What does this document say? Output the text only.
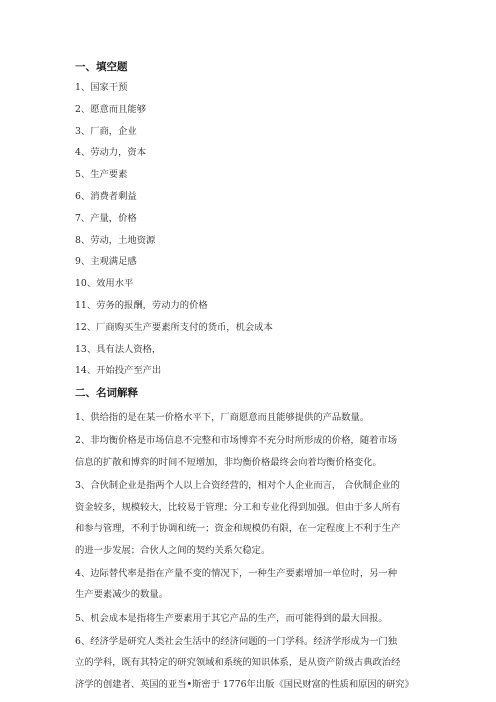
一、填空题
1、国家干预
2、愿意而且能够
3、厂商，企业
4、劳动力，资本
5、生产要素
6、消费者剩益
7、产量，价格
8、劳动，土地资源
9、主观满足感
10、效用水平
11、劳务的报酬，劳动力的价格
12、厂商购买生产要素所支付的货币，机会成本
13、具有法人资格，
14、开始投产至产出
二、名词解释
1、供给指的是在某一价格水平下，厂商愿意而且能够提供的产品数量。
2、非均衡价格是市场信息不完整和市场博弈不充分时所形成的价格，随着市场
信息的扩散和博弈的时间不短增加，非均衡价格最终会向着均衡价格变化。
3、合伙制企业是指两个人以上合资经营的，相对个人企业而言， 合伙制企业的
资金较多，规模较大，比较易于管理；分工和专业化得到加强。但由于多人所有
和参与管理，不利于协调和统一；资金和规模仍有限，在一定程度上不利于生产
的进一步发展；合伙人之间的契约关系欠稳定。
4、边际替代率是指在产量不变的情况下，一种生产要素增加一单位时，另一种
生产要素减少的数量。
5、机会成本是指将生产要素用于其它产品的生产，而可能得到的最大回报。
6、经济学是研究人类社会生活中的经济问题的一门学科。经济学形成为一门独
立的学科，既有其特定的研究领域和系统的知识体系，是从资产阶级古典政治经
济学的创建者、英国的亚当•斯密于 1776年出版《国民财富的性质和原因的研究》
